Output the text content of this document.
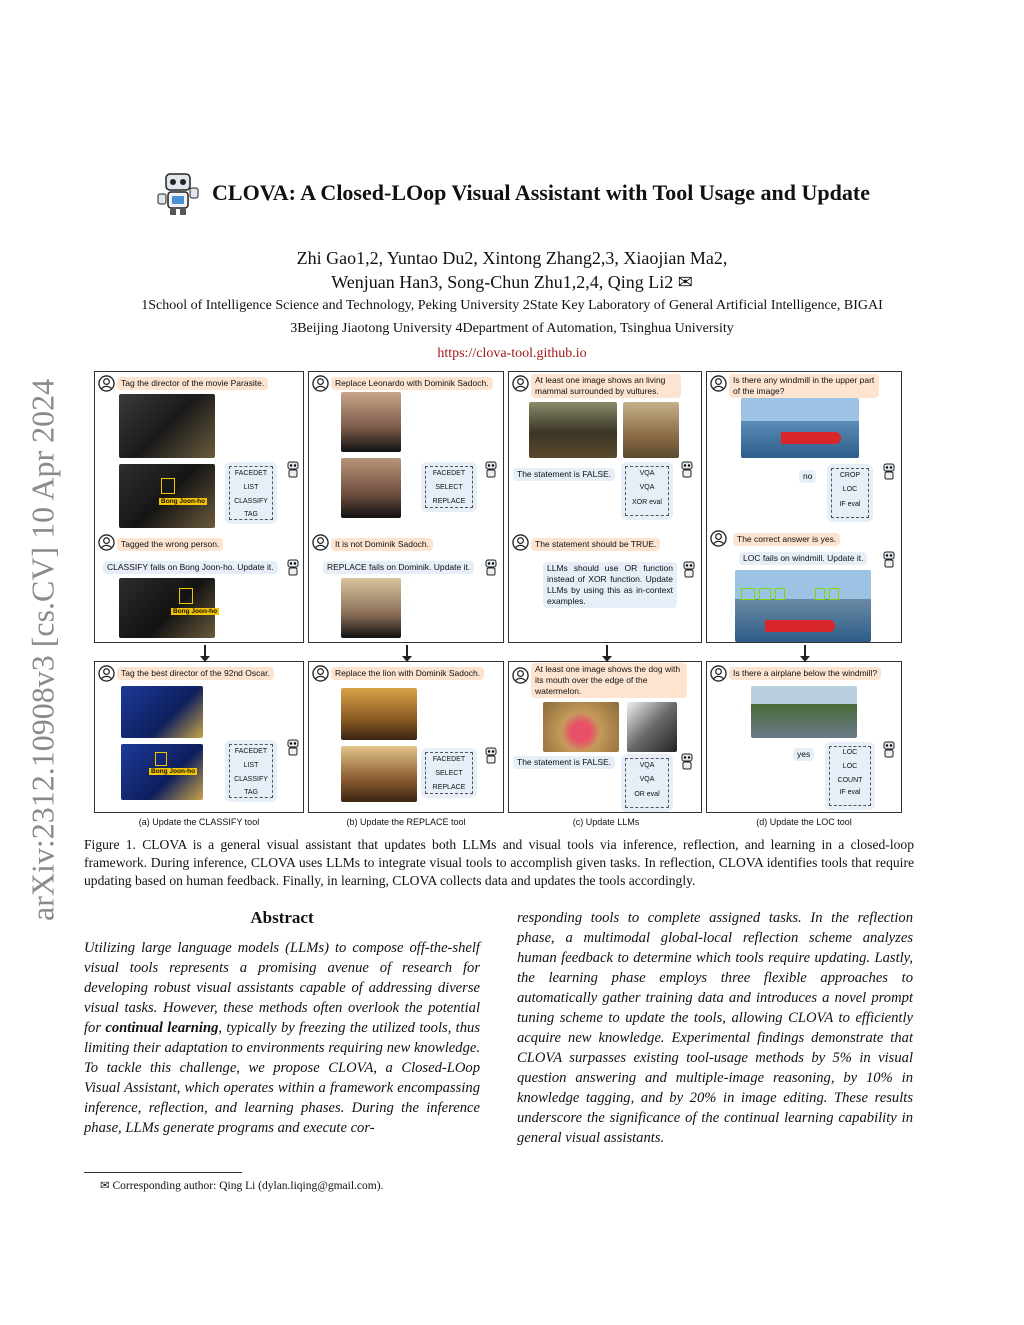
arXiv:2312.10908v3 [cs.CV] 10 Apr 2024
CLOVA: A Closed-LOop Visual Assistant with Tool Usage and Update
Zhi Gao1,2, Yuntao Du2, Xintong Zhang2,3, Xiaojian Ma2,
Wenjuan Han3, Song-Chun Zhu1,2,4, Qing Li2 ✉
1School of Intelligence Science and Technology, Peking University 2State Key Laboratory of General Artificial Intelligence, BIGAI
3Beijing Jiaotong University 4Department of Automation, Tsinghua University
https://clova-tool.github.io
Tag the director of the movie Parasite.
Bong Joon-ho
FACEDET
LIST
CLASSIFY
TAG
Tagged the wrong person.
CLASSIFY fails on Bong Joon-ho. Update it.
Bong Joon-ho
Replace Leonardo with Dominik Sadoch.
FACEDET
SELECT
REPLACE
It is not Dominik Sadoch.
REPLACE fails on Dominik. Update it.
At least one image shows an living mammal surrounded by vultures.
The statement is FALSE.	VQA
VQA
XOR eval
The statement should be TRUE.
LLMs should use OR function instead of XOR function. Update LLMs by using this as in-context examples.
Is there any windmill in the upper part of the image?
no	CROP
LOC
IF eval
The correct answer is yes.
LOC fails on windmill. Update it.
Tag the best director of the 92nd Oscar.
Bong Joon-ho
FACEDET
LIST
CLASSIFY
TAG
Replace the lion with Dominik Sadoch.
FACEDET
SELECT
REPLACE
At least one image shows the dog with its mouth over the edge of the watermelon.
The statement is FALSE.	VQA
VQA
OR eval
Is there a airplane below the windmill?
yes	LOC
LOC
COUNT
IF eval
(a) Update the CLASSIFY tool	(b) Update the REPLACE tool	(c) Update LLMs	(d) Update the LOC tool
Figure 1. CLOVA is a general visual assistant that updates both LLMs and visual tools via inference, reflection, and learning in a closed-loop framework. During inference, CLOVA uses LLMs to integrate visual tools to accomplish given tasks. In reflection, CLOVA identifies tools that require updating based on human feedback. Finally, in learning, CLOVA collects data and updates the tools accordingly.
Abstract
Utilizing large language models (LLMs) to compose off-the-shelf visual tools represents a promising avenue of research for developing robust visual assistants capable of addressing diverse visual tasks. However, these methods often overlook the potential for continual learning, typically by freezing the utilized tools, thus limiting their adaptation to environments requiring new knowledge. To tackle this challenge, we propose CLOVA, a Closed-LOop Visual Assistant, which operates within a framework encompassing inference, reflection, and learning phases. During the inference phase, LLMs generate programs and execute cor-
responding tools to complete assigned tasks. In the reflection phase, a multimodal global-local reflection scheme analyzes human feedback to determine which tools require updating. Lastly, the learning phase employs three flexible approaches to automatically gather training data and introduces a novel prompt tuning scheme to update the tools, allowing CLOVA to efficiently acquire new knowledge. Experimental findings demonstrate that CLOVA surpasses existing tool-usage methods by 5% in visual question answering and multiple-image reasoning, by 10% in knowledge tagging, and by 20% in image editing. These results underscore the significance of the continual learning capability in general visual assistants.
✉ Corresponding author: Qing Li (dylan.liqing@gmail.com).
